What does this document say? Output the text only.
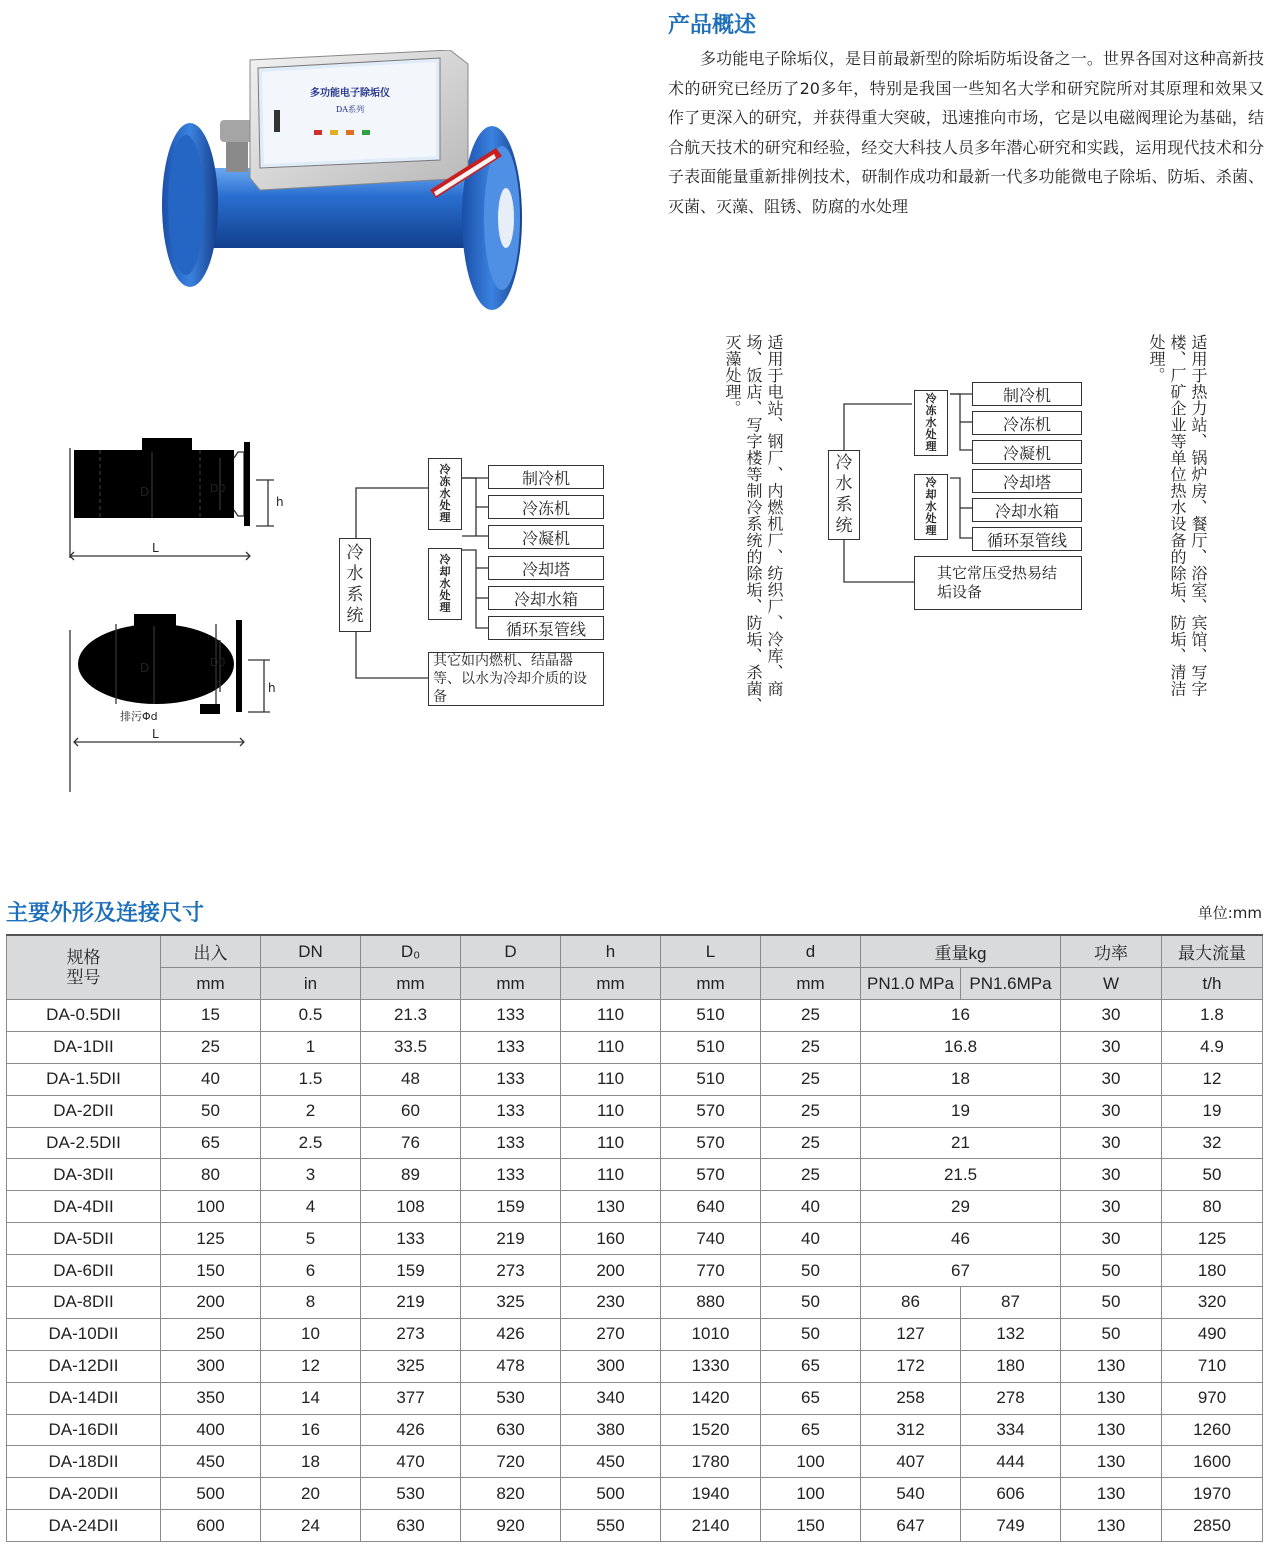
多功能电子除垢仪
DA系列
产品概述
多功能电子除垢仪，是目前最新型的除垢防垢设备之一。世界各国对这种高新技术的研究已经历了20多年，特别是我国一些知名大学和研究院所对其原理和效果又作了更深入的研究，并获得重大突破，迅速推向市场，它是以电磁阀理论为基础，结合航天技术的研究和经验，经交大科技人员多年潜心研究和实践，运用现代技术和分子表面能量重新排例技术，研制作成功和最新一代多功能微电子除垢、防垢、杀菌、灭菌、灭藻、阻锈、防腐的水处理
D	D0
h
L
D	D0
h
L
排污Φd
冷水系统
冷冻水处理
冷却水处理
制冷机
冷冻机
冷凝机
冷却塔
冷却水箱
循环泵管线
其它如内燃机、结晶器等、以水为冷却介质的设备	适用于电站、钢厂、内燃机厂、纺织厂、冷库、商场、饭店、写字楼等制冷系统的除垢、防垢、杀菌、灭藻处理。
冷水系统
冷冻水处理
冷却水处理
制冷机
冷冻机
冷凝机
冷却塔
冷却水箱
循环泵管线
其它常压受热易结垢设备	适用于热力站、锅炉房、餐厅、浴室、宾馆、写字楼、厂矿企业等单位热水设备的除垢、防垢、清洁处理。
主要外形及连接尺寸	单位:mm
规格
型号	出入	DN	D₀	D	h	L	d	重量kg		功率	最大流量
	mm	in	mm	mm	mm	mm	mm	PN1.0 MPa	PN1.6MPa	W	t/h
DA-0.5DII	15	0.5	21.3	133	110	510	25	16		30	1.8
DA-1DII	25	1	33.5	133	110	510	25	16.8		30	4.9
DA-1.5DII	40	1.5	48	133	110	510	25	18		30	12
DA-2DII	50	2	60	133	110	570	25	19		30	19
DA-2.5DII	65	2.5	76	133	110	570	25	21		30	32
DA-3DII	80	3	89	133	110	570	25	21.5		30	50
DA-4DII	100	4	108	159	130	640	40	29		30	80
DA-5DII	125	5	133	219	160	740	40	46		30	125
DA-6DII	150	6	159	273	200	770	50	67		50	180
DA-8DII	200	8	219	325	230	880	50	86	87	50	320
DA-10DII	250	10	273	426	270	1010	50	127	132	50	490
DA-12DII	300	12	325	478	300	1330	65	172	180	130	710
DA-14DII	350	14	377	530	340	1420	65	258	278	130	970
DA-16DII	400	16	426	630	380	1520	65	312	334	130	1260
DA-18DII	450	18	470	720	450	1780	100	407	444	130	1600
DA-20DII	500	20	530	820	500	1940	100	540	606	130	1970
DA-24DII	600	24	630	920	550	2140	150	647	749	130	2850
